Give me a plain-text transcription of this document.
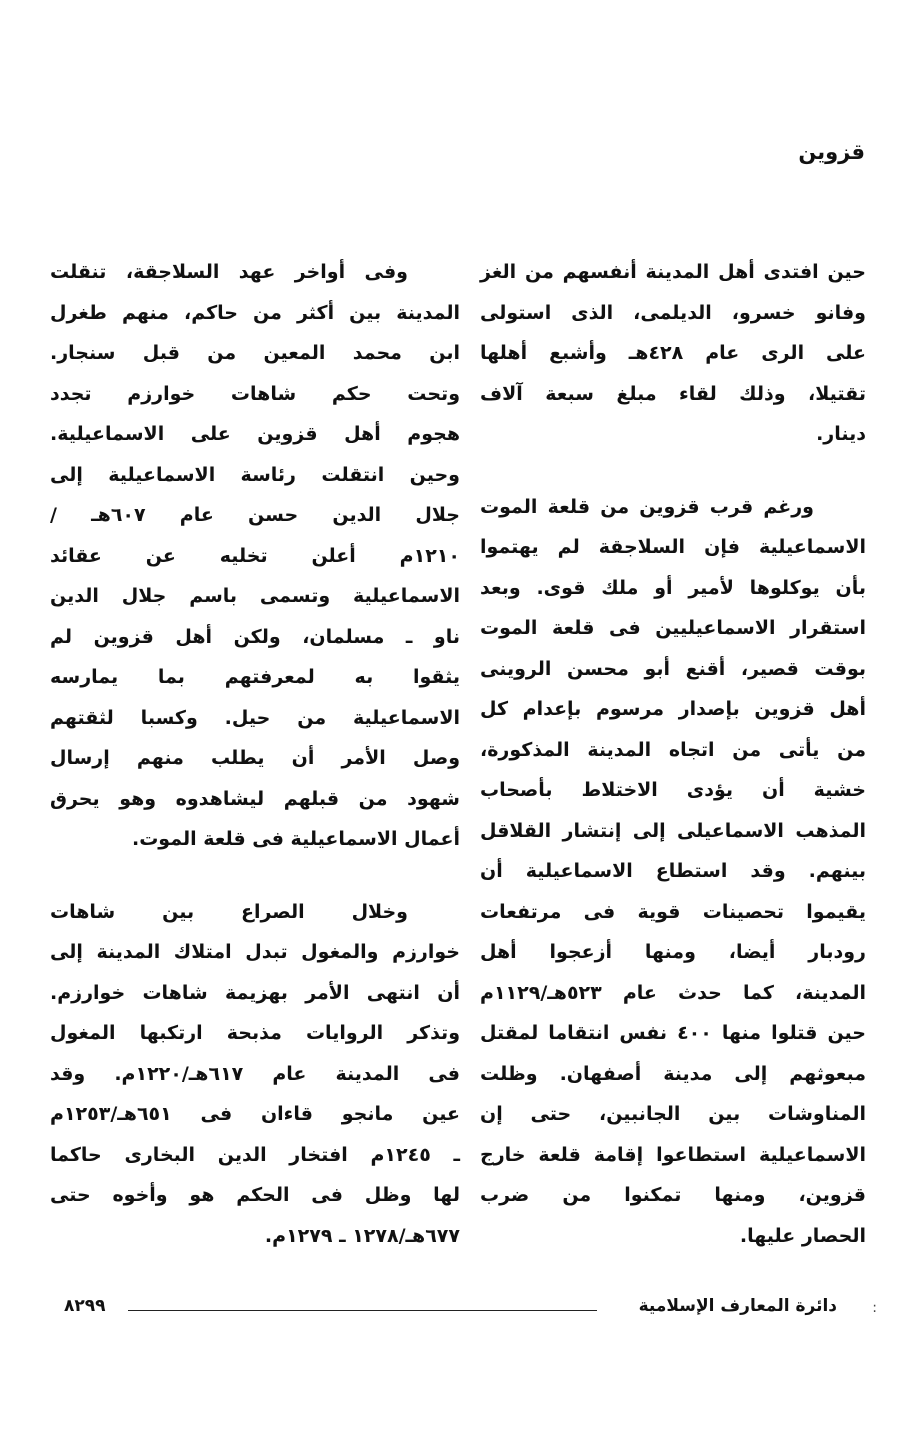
قزوين
حين افتدى أهل المدينة أنفسهم من الغز
وفانو خسرو، الديلمى، الذى استولى
على الرى عام ٤٢٨هـ وأشبع أهلها
تقتيلا، وذلك لقاء مبلغ سبعة آلاف
دينار.
ورغم قرب قزوين من قلعة الموت
الاسماعيلية فإن السلاجقة لم يهتموا
بأن يوكلوها لأمير أو ملك قوى. وبعد
استقرار الاسماعيليين فى قلعة الموت
بوقت قصير، أقنع أبو محسن الروينى
أهل قزوين بإصدار مرسوم بإعدام كل
من يأتى من اتجاه المدينة المذكورة،
خشية أن يؤدى الاختلاط بأصحاب
المذهب الاسماعيلى إلى إنتشار القلاقل
بينهم. وقد استطاع الاسماعيلية أن
يقيموا تحصينات قوية فى مرتفعات
رودبار أيضا، ومنها أزعجوا أهل
المدينة، كما حدث عام ٥٢٣هـ/١١٢٩م
حين قتلوا منها ٤٠٠ نفس انتقاما لمقتل
مبعوثهم إلى مدينة أصفهان. وظلت
المناوشات بين الجانبين، حتى إن
الاسماعيلية استطاعوا إقامة قلعة خارج
قزوين، ومنها تمكنوا من ضرب
الحصار عليها.
وفى أواخر عهد السلاجقة، تنقلت
المدينة بين أكثر من حاكم، منهم طغرل
ابن محمد المعين من قبل سنجار.
وتحت حكم شاهات خوارزم تجدد
هجوم أهل قزوين على الاسماعيلية.
وحين انتقلت رئاسة الاسماعيلية إلى
جلال الدين حسن عام ٦٠٧هـ /
١٢١٠م أعلن تخليه عن عقائد
الاسماعيلية وتسمى باسم جلال الدين
ناو ـ مسلمان، ولكن أهل قزوين لم
يثقوا به لمعرفتهم بما يمارسه
الاسماعيلية من حيل. وكسبا لثقتهم
وصل الأمر أن يطلب منهم إرسال
شهود من قبلهم ليشاهدوه وهو يحرق
أعمال الاسماعيلية فى قلعة الموت.
وخلال الصراع بين شاهات
خوارزم والمغول تبدل امتلاك المدينة إلى
أن انتهى الأمر بهزيمة شاهات خوارزم.
وتذكر الروايات مذبحة ارتكبها المغول
فى المدينة عام ٦١٧هـ/١٢٢٠م. وقد
عين مانجو قاءان فى ٦٥١هـ/١٢٥٣م
ـ ١٢٤٥م افتخار الدين البخارى حاكما
لها وظل فى الحكم هو وأخوه حتى
٦٧٧هـ/١٢٧٨ ـ ١٢٧٩م.
دائرة المعارف الإسلامية
٨٢٩٩	:
